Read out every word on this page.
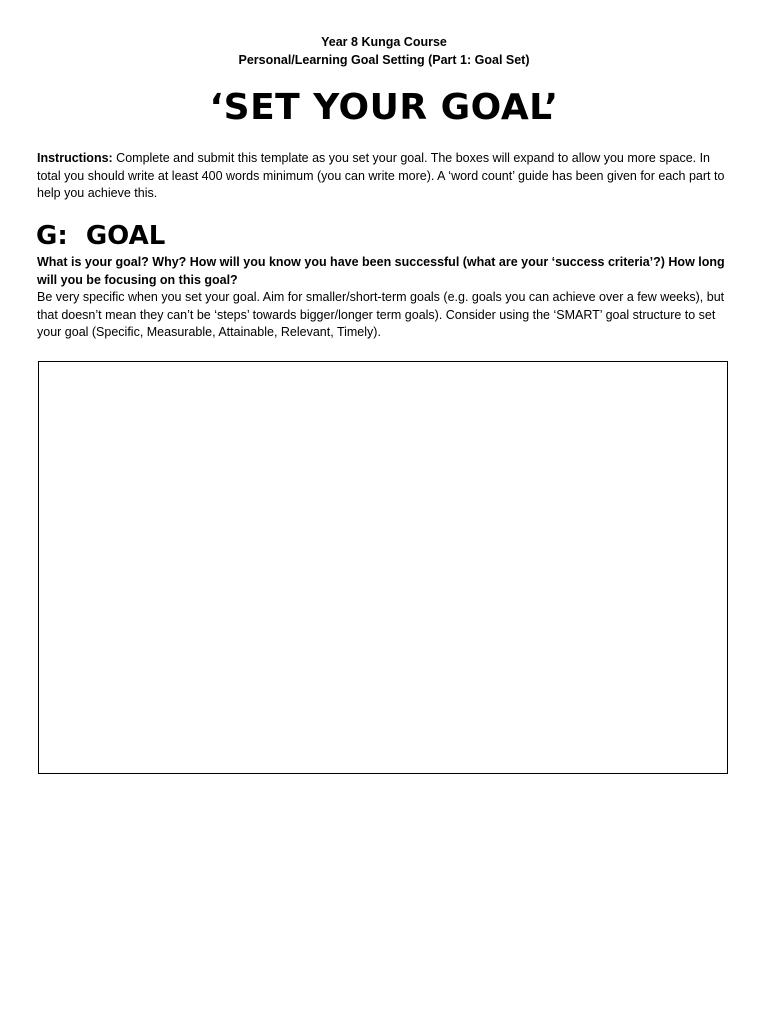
Year 8 Kunga Course
Personal/Learning Goal Setting (Part 1: Goal Set)
‘SET YOUR GOAL’
Instructions: Complete and submit this template as you set your goal. The boxes will expand to allow you more space. In total you should write at least 400 words minimum (you can write more). A ‘word count’ guide has been given for each part to help you achieve this.
G:  GOAL
What is your goal? Why? How will you know you have been successful (what are your ‘success criteria’?) How long will you be focusing on this goal?
Be very specific when you set your goal. Aim for smaller/short-term goals (e.g. goals you can achieve over a few weeks), but that doesn’t mean they can’t be ‘steps’ towards bigger/longer term goals). Consider using the ‘SMART’ goal structure to set your goal (Specific, Measurable, Attainable, Relevant, Timely).
